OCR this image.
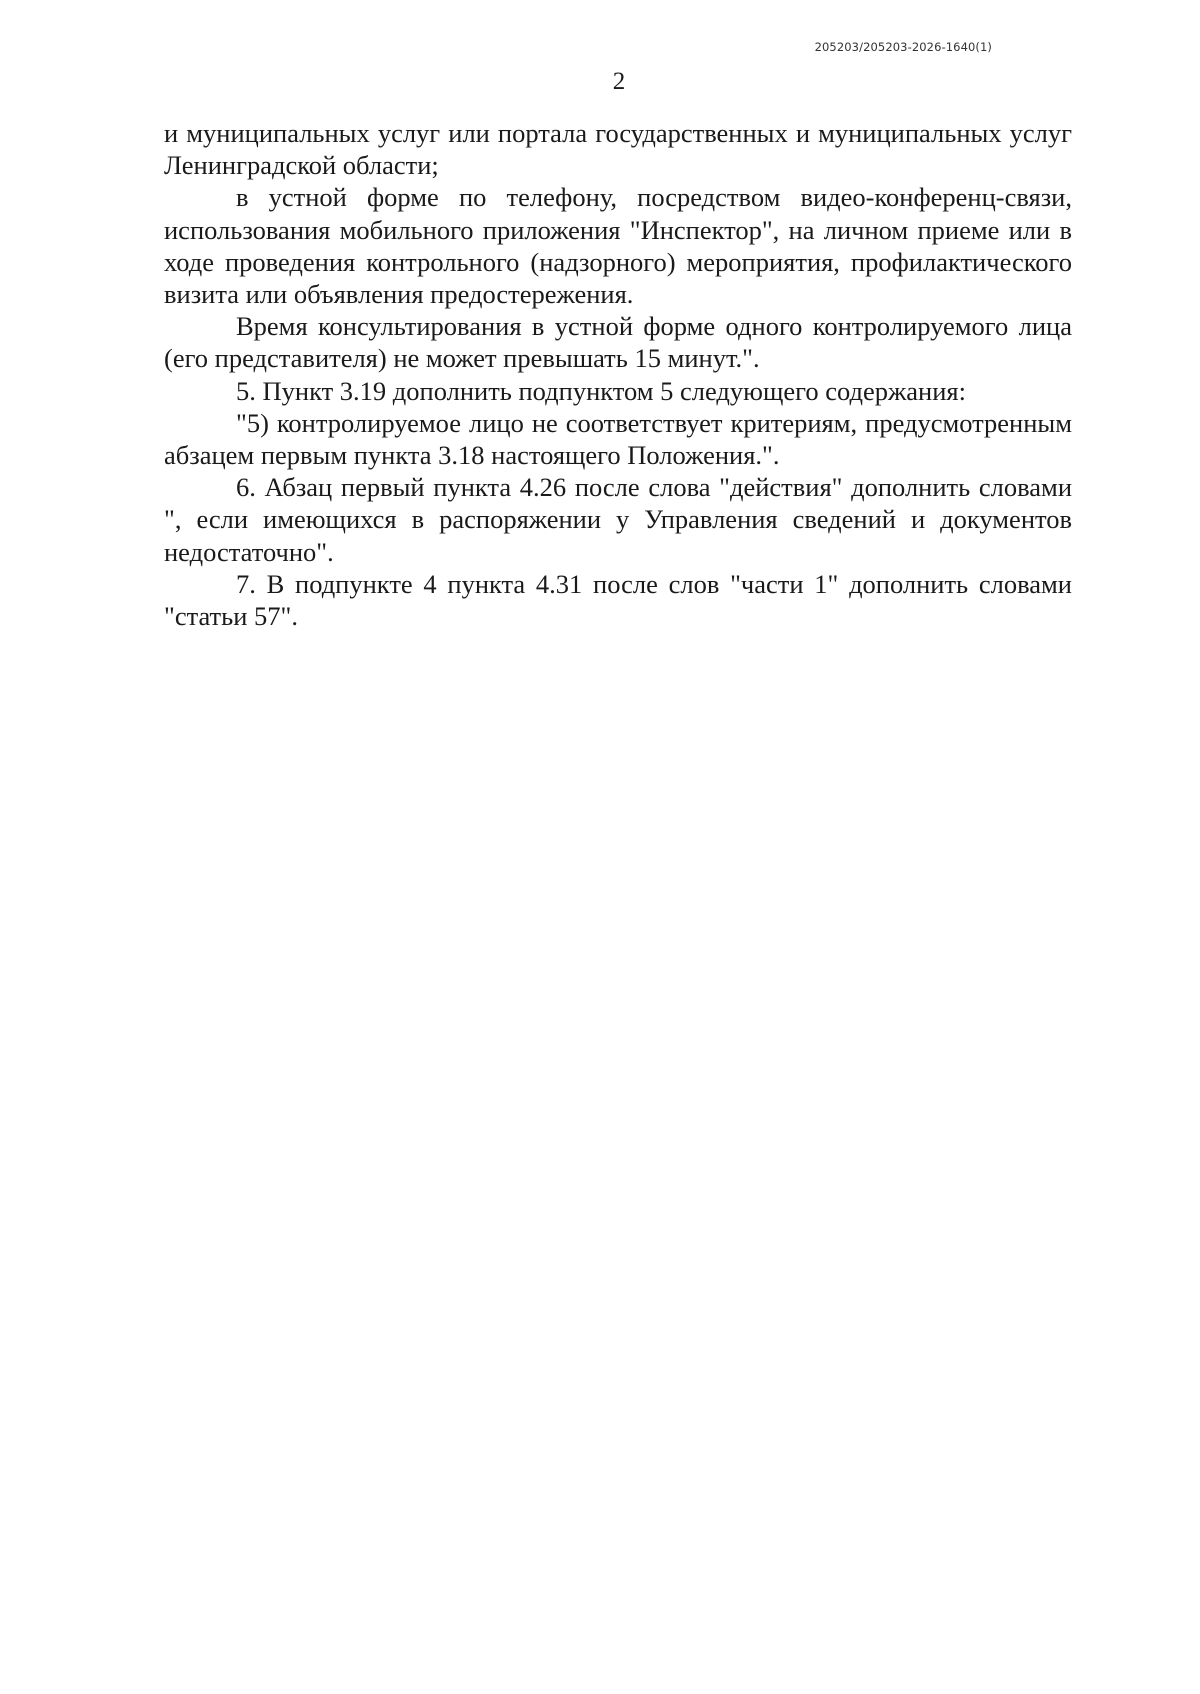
205203/205203-2026-1640(1)
2

и муниципальных услуг или портала государственных и муниципальных услуг Ленинградской области;

в устной форме по телефону, посредством видео-конференц-связи, использования мобильного приложения "Инспектор", на личном приеме или в ходе проведения контрольного (надзорного) мероприятия, профилактического визита или объявления предостережения.

Время консультирования в устной форме одного контролируемого лица (его представителя) не может превышать 15 минут.".

5. Пункт 3.19 дополнить подпунктом 5 следующего содержания:

"5) контролируемое лицо не соответствует критериям, предусмотренным абзацем первым пункта 3.18 настоящего Положения.".

6. Абзац первый пункта 4.26 после слова "действия" дополнить словами ", если имеющихся в распоряжении у Управления сведений и документов недостаточно".

7. В подпункте 4 пункта 4.31 после слов "части 1" дополнить словами "статьи 57".
